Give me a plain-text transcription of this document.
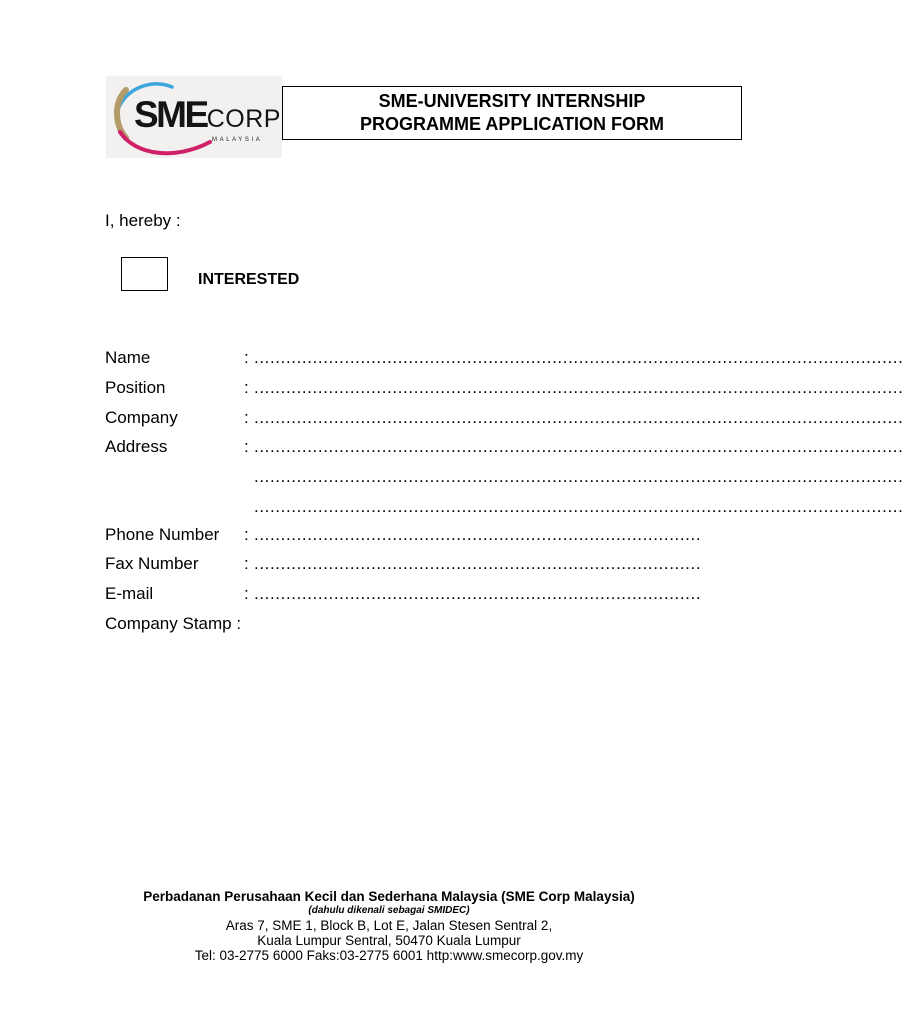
SMECORP
MALAYSIA
SME-UNIVERSITY INTERNSHIP
PROGRAMME APPLICATION FORM
I, hereby :
INTERESTED
Name	: ..........................................................................................................................
Position	: ..........................................................................................................................
Company	: ..........................................................................................................................
Address	: ..........................................................................................................................
..........................................................................................................................
..........................................................................................................................
Phone Number : ....................................................................................
Fax Number	: ....................................................................................
E-mail	: ....................................................................................
Company Stamp :
Perbadanan Perusahaan Kecil dan Sederhana Malaysia (SME Corp Malaysia)
(dahulu dikenali sebagai SMIDEC)
Aras 7, SME 1, Block B, Lot E, Jalan Stesen Sentral 2,
Kuala Lumpur Sentral, 50470 Kuala Lumpur
Tel: 03-2775 6000 Faks:03-2775 6001 http:www.smecorp.gov.my
